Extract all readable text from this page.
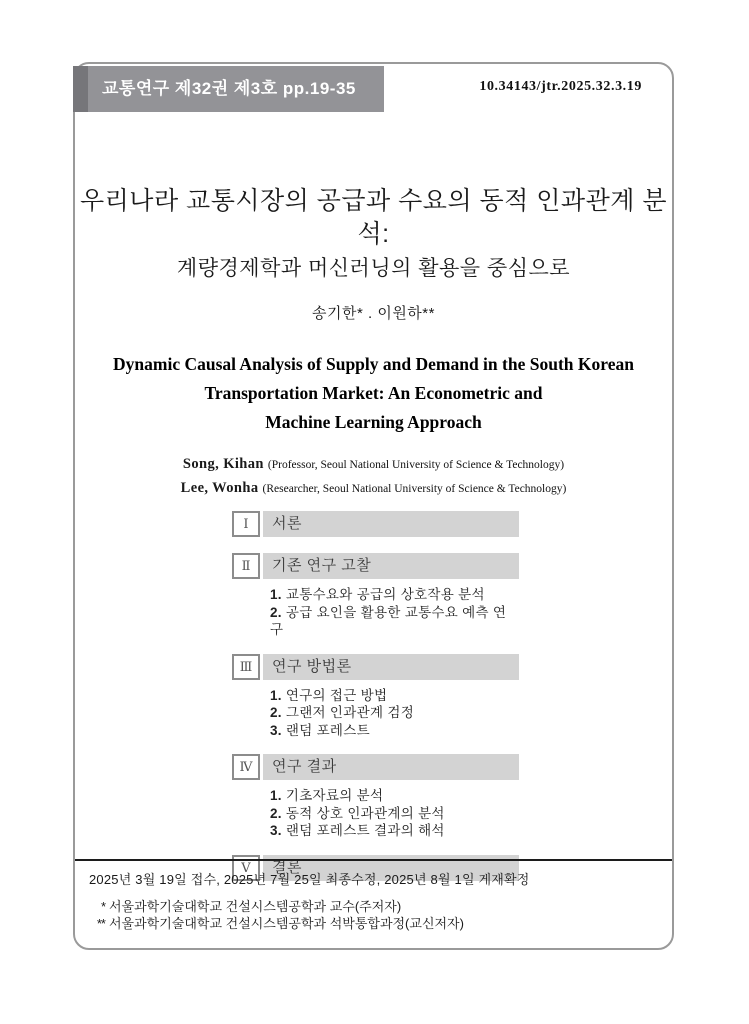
교통연구 제32권 제3호 pp.19-35	10.34143/jtr.2025.32.3.19
우리나라 교통시장의 공급과 수요의 동적 인과관계 분석:
계량경제학과 머신러닝의 활용을 중심으로
송기한* . 이원하**
Dynamic Causal Analysis of Supply and Demand in the South Korean
Transportation Market: An Econometric and
Machine Learning Approach
Song, Kihan (Professor, Seoul National University of Science & Technology)
Lee, Wonha (Researcher, Seoul National University of Science & Technology)
Ⅰ	서론
Ⅱ	기존 연구 고찰
1. 교통수요와 공급의 상호작용 분석
2. 공급 요인을 활용한 교통수요 예측 연구
Ⅲ	연구 방법론
1. 연구의 접근 방법
2. 그랜저 인과관계 검정
3. 랜덤 포레스트
Ⅳ	연구 결과
1. 기초자료의 분석
2. 동적 상호 인과관계의 분석
3. 랜덤 포레스트 결과의 해석
Ⅴ	결론
2025년 3월 19일 접수, 2025년 7월 25일 최종수정, 2025년 8월 1일 게재확정
* 서울과학기술대학교 건설시스템공학과 교수(주저자)
** 서울과학기술대학교 건설시스템공학과 석박통합과정(교신저자)
